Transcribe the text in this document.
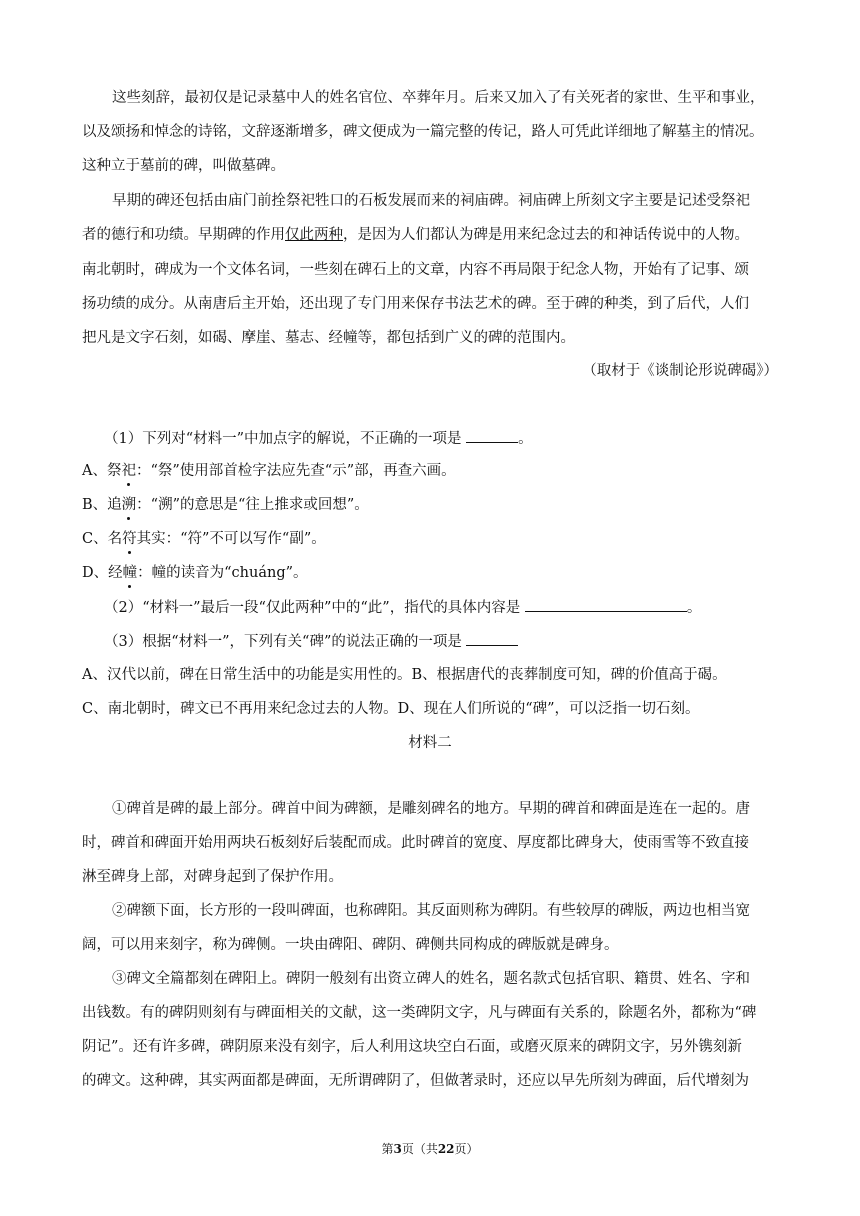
这些刻辞，最初仅是记录墓中人的姓名官位、卒葬年月。后来又加入了有关死者的家世、生平和事业，
以及颂扬和悼念的诗铭，文辞逐渐增多，碑文便成为一篇完整的传记，路人可凭此详细地了解墓主的情况。
这种立于墓前的碑，叫做墓碑。
早期的碑还包括由庙门前拴祭祀牲口的石板发展而来的祠庙碑。祠庙碑上所刻文字主要是记述受祭祀
者的德行和功绩。早期碑的作用仅此两种，是因为人们都认为碑是用来纪念过去的和神话传说中的人物。
南北朝时，碑成为一个文体名词，一些刻在碑石上的文章，内容不再局限于纪念人物，开始有了记事、颂
扬功绩的成分。从南唐后主开始，还出现了专门用来保存书法艺术的碑。至于碑的种类，到了后代，人们
把凡是文字石刻，如碣、摩崖、墓志、经幢等，都包括到广义的碑的范围内。
（取材于《谈制论形说碑碣》）
（1）下列对“材料一”中加点字的解说，不正确的一项是	。
A、祭祀：“祭”使用部首检字法应先查“示”部，再查六画。
B、追溯：“溯”的意思是“往上推求或回想”。
C、名符其实：“符”不可以写作“副”。
D、经幢：幢的读音为“chuáng”。
（2）“材料一”最后一段“仅此两种”中的“此”，指代的具体内容是	。
（3）根据“材料一”，下列有关“碑”的说法正确的一项是
A、汉代以前，碑在日常生活中的功能是实用性的。B、根据唐代的丧葬制度可知，碑的价值高于碣。
C、南北朝时，碑文已不再用来纪念过去的人物。D、现在人们所说的“碑”，可以泛指一切石刻。
材料二
①碑首是碑的最上部分。碑首中间为碑额，是雕刻碑名的地方。早期的碑首和碑面是连在一起的。唐
时，碑首和碑面开始用两块石板刻好后装配而成。此时碑首的宽度、厚度都比碑身大，使雨雪等不致直接
淋至碑身上部，对碑身起到了保护作用。
②碑额下面，长方形的一段叫碑面，也称碑阳。其反面则称为碑阴。有些较厚的碑版，两边也相当宽
阔，可以用来刻字，称为碑侧。一块由碑阳、碑阴、碑侧共同构成的碑版就是碑身。
③碑文全篇都刻在碑阳上。碑阴一般刻有出资立碑人的姓名，题名款式包括官职、籍贯、姓名、字和
出钱数。有的碑阴则刻有与碑面相关的文献，这一类碑阴文字，凡与碑面有关系的，除题名外，都称为“碑
阴记”。还有许多碑，碑阴原来没有刻字，后人利用这块空白石面，或磨灭原来的碑阴文字，另外镌刻新
的碑文。这种碑，其实两面都是碑面，无所谓碑阴了，但做著录时，还应以早先所刻为碑面，后代增刻为
第3页（共22页）
